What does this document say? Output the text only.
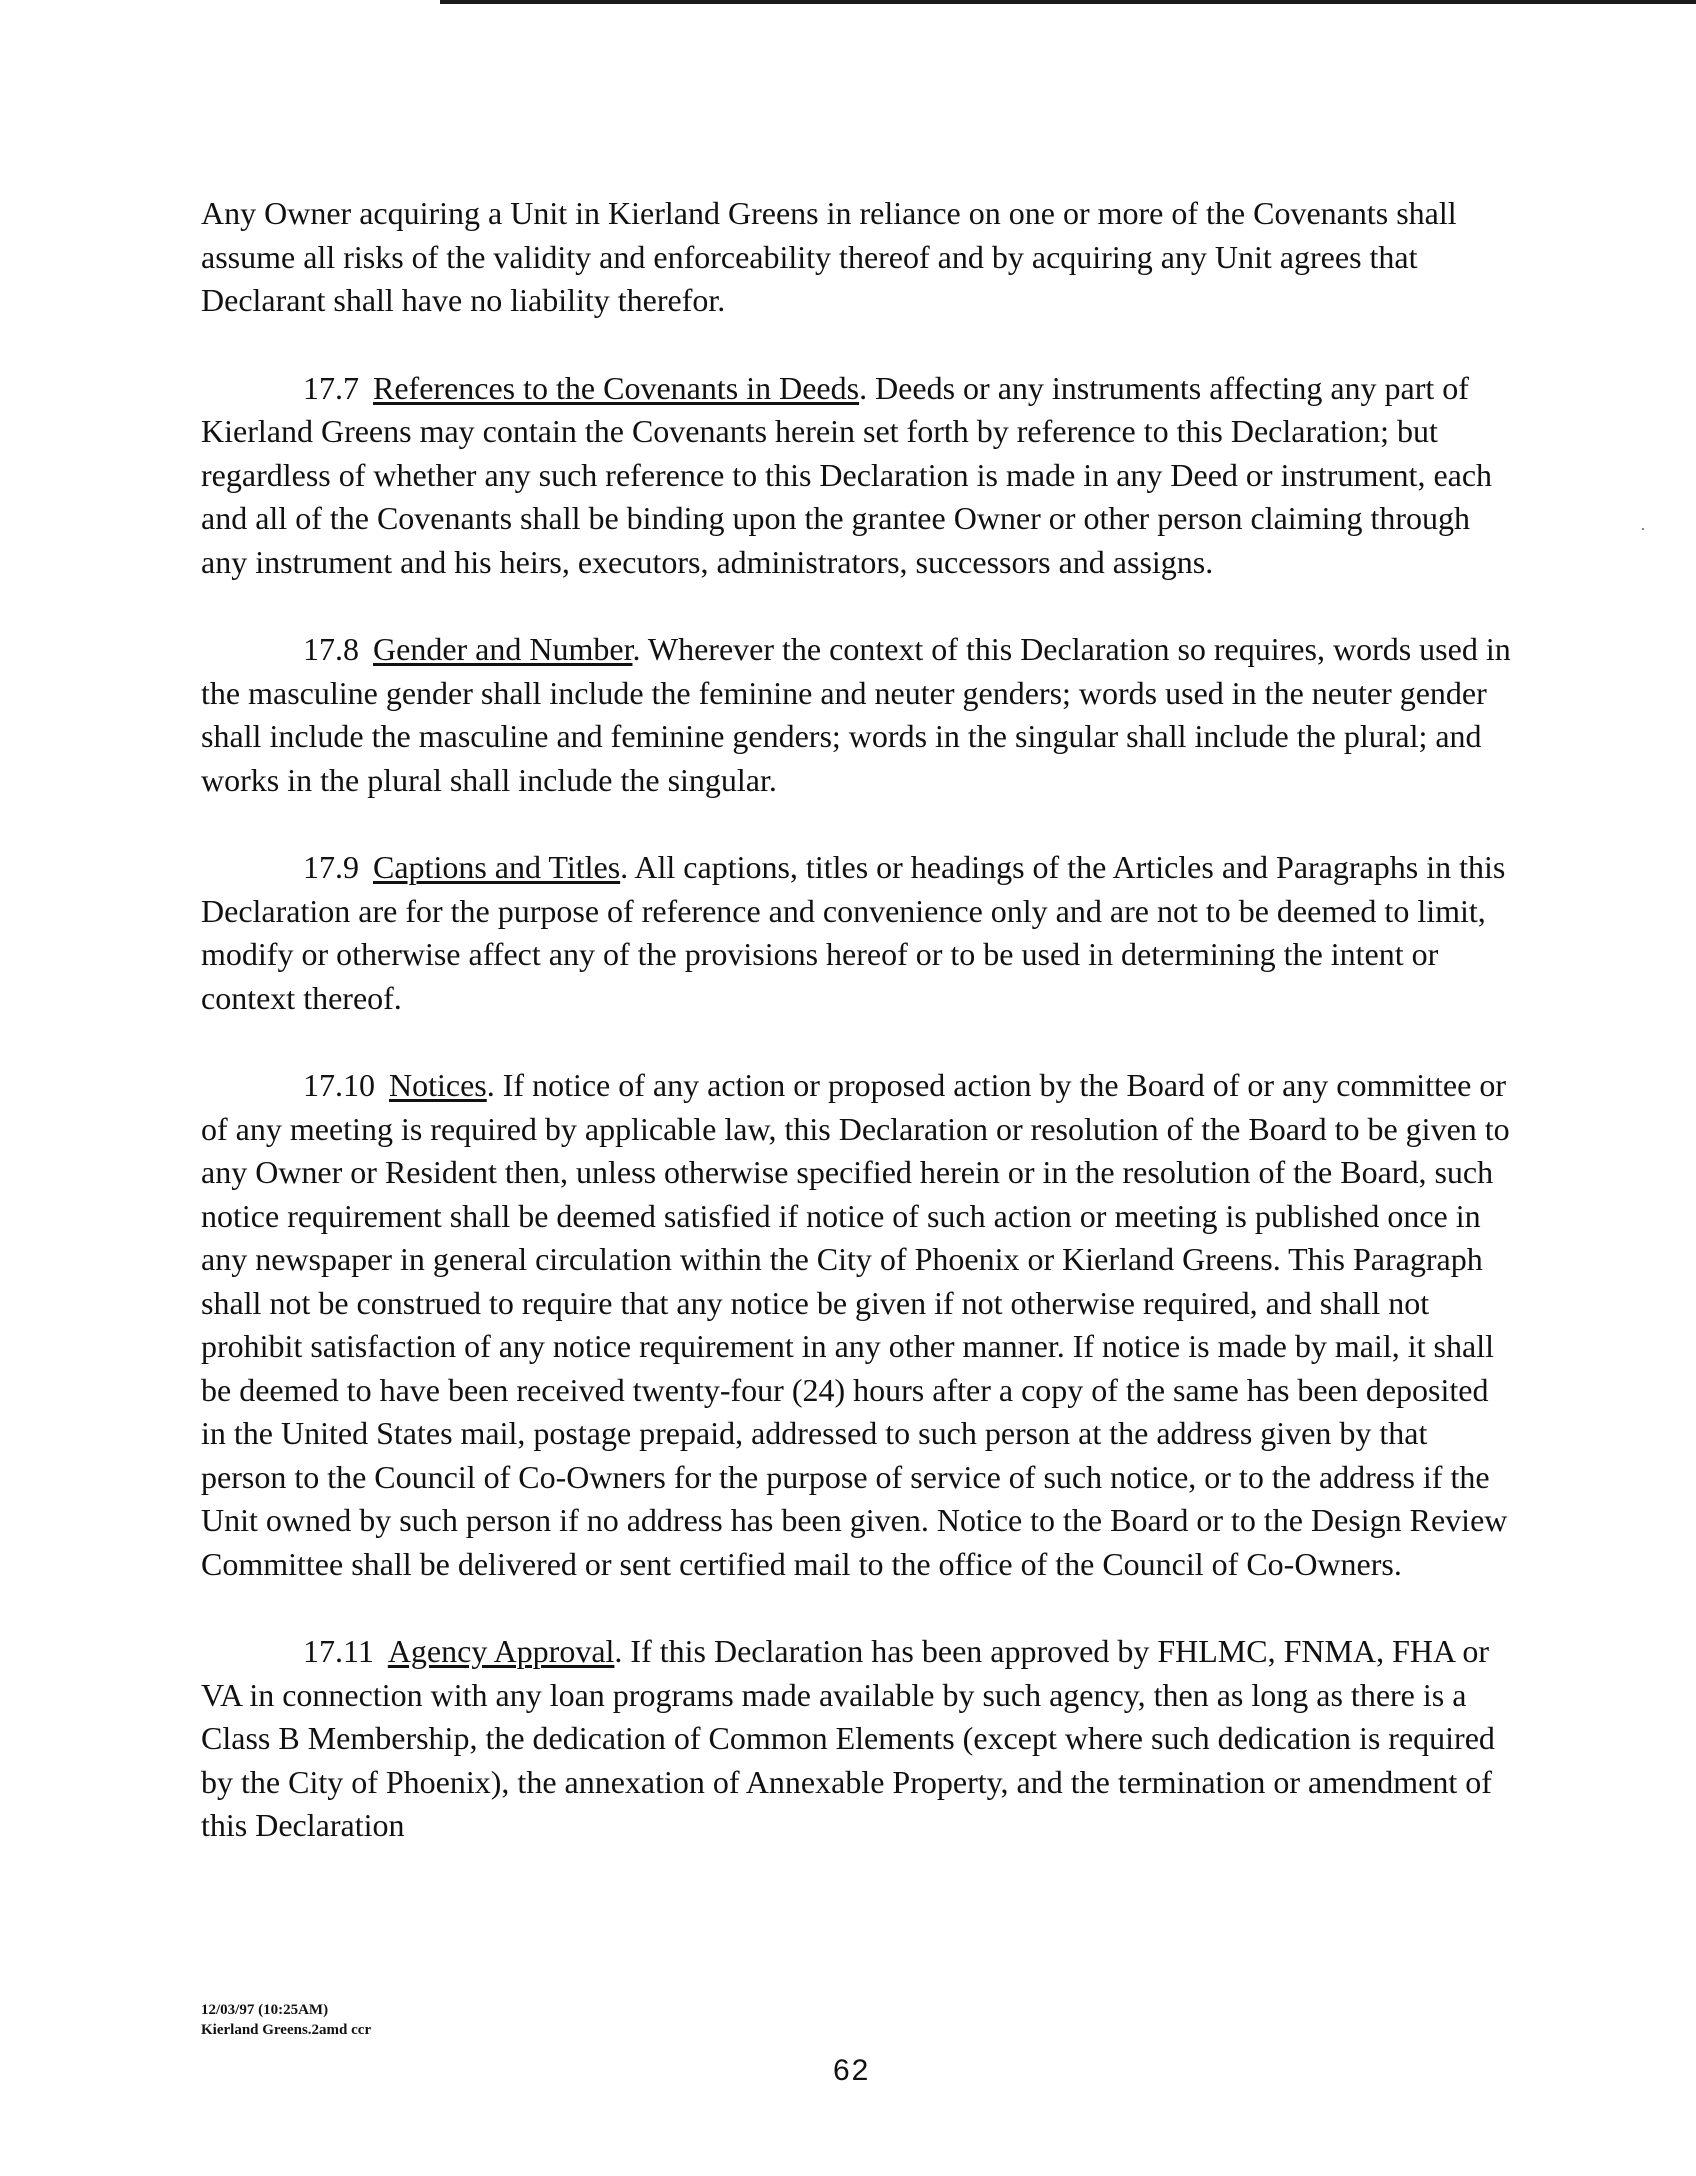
Any Owner acquiring a Unit in Kierland Greens in reliance on one or more of the Covenants shall assume all risks of the validity and enforceability thereof and by acquiring any Unit agrees that Declarant shall have no liability therefor.

17.7 References to the Covenants in Deeds. Deeds or any instruments affecting any part of Kierland Greens may contain the Covenants herein set forth by reference to this Declaration; but regardless of whether any such reference to this Declaration is made in any Deed or instrument, each and all of the Covenants shall be binding upon the grantee Owner or other person claiming through any instrument and his heirs, executors, administrators, successors and assigns.

17.8 Gender and Number. Wherever the context of this Declaration so requires, words used in the masculine gender shall include the feminine and neuter genders; words used in the neuter gender shall include the masculine and feminine genders; words in the singular shall include the plural; and works in the plural shall include the singular.

17.9 Captions and Titles. All captions, titles or headings of the Articles and Paragraphs in this Declaration are for the purpose of reference and convenience only and are not to be deemed to limit, modify or otherwise affect any of the provisions hereof or to be used in determining the intent or context thereof.

17.10 Notices. If notice of any action or proposed action by the Board of or any committee or of any meeting is required by applicable law, this Declaration or resolution of the Board to be given to any Owner or Resident then, unless otherwise specified herein or in the resolution of the Board, such notice requirement shall be deemed satisfied if notice of such action or meeting is published once in any newspaper in general circulation within the City of Phoenix or Kierland Greens. This Paragraph shall not be construed to require that any notice be given if not otherwise required, and shall not prohibit satisfaction of any notice requirement in any other manner. If notice is made by mail, it shall be deemed to have been received twenty-four (24) hours after a copy of the same has been deposited in the United States mail, postage prepaid, addressed to such person at the address given by that person to the Council of Co-Owners for the purpose of service of such notice, or to the address if the Unit owned by such person if no address has been given. Notice to the Board or to the Design Review Committee shall be delivered or sent certified mail to the office of the Council of Co-Owners.

17.11 Agency Approval. If this Declaration has been approved by FHLMC, FNMA, FHA or VA in connection with any loan programs made available by such agency, then as long as there is a Class B Membership, the dedication of Common Elements (except where such dedication is required by the City of Phoenix), the annexation of Annexable Property, and the termination or amendment of this Declaration

12/03/97 (10:25AM)
Kierland Greens.2amd ccr
62
